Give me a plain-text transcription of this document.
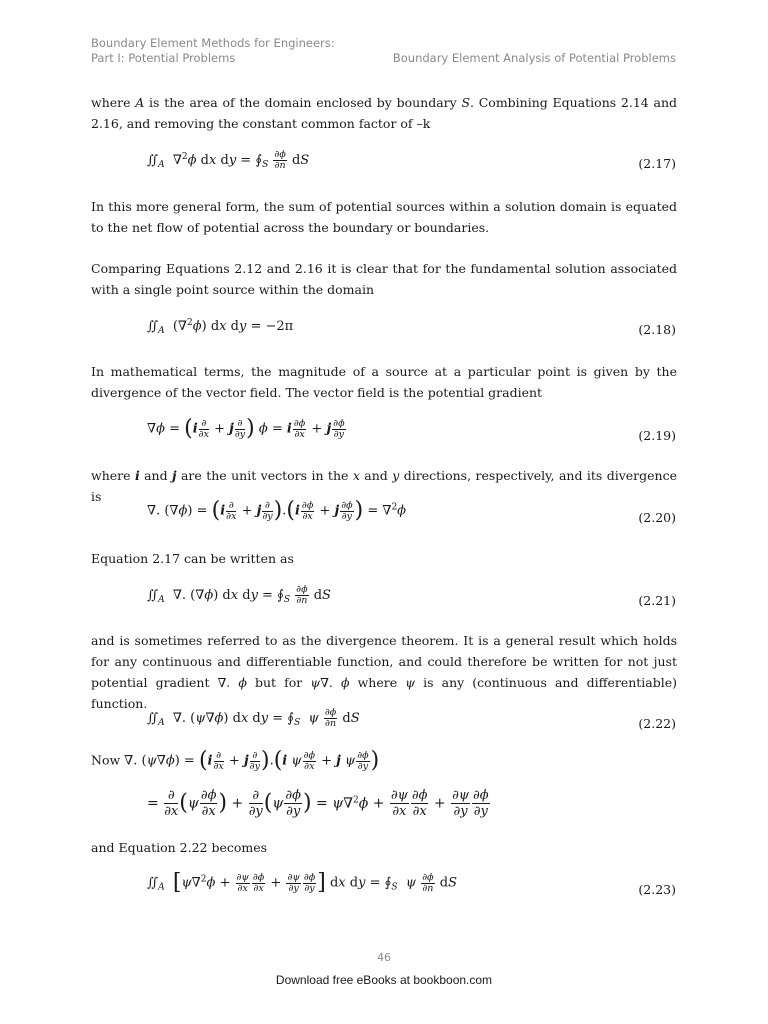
Boundary Element Methods for Engineers:
Part I: Potential Problems	Boundary Element Analysis of Potential Problems

where A is the area of the domain enclosed by boundary S. Combining Equations 2.14 and 2.16, and removing the constant common factor of –k

$∬_A$  ∇$^2$ϕ dx dy = $∮_S \frac{\partial\phi}{\partial n}$ dS	(2.17)

In this more general form, the sum of potential sources within a solution domain is equated to the net flow of potential across the boundary or boundaries.

Comparing Equations 2.12 and 2.16 it is clear that for the fundamental solution associated with a single point source within the domain

$∬_A$  (∇$^2$ϕ) dx dy = −2π	(2.18)

In mathematical terms, the magnitude of a source at a particular point is given by the divergence of the vector field. The vector field is the potential gradient

$\nabla\phi = (i \frac{\partial}{\partial x} + j \frac{\partial}{\partial y}$ ) ϕ = i $\frac{\partial\phi}{\partial x} + j \frac{\partial\phi}{\partial y}$	(2.19)

where i and j are the unit vectors in the x and y directions, respectively, and its divergence is

∇. $(\nabla\phi) = (i \frac{\partial}{\partial x} + j \frac{\partial}{\partial y} ).(i \frac{\partial\phi}{\partial x} + j \frac{\partial\phi}{\partial y}$ ) = ∇$^2$ϕ	(2.20)

Equation 2.17 can be written as

$∬_A$  ∇. (∇ϕ) dx dy = $∮_S \frac{\partial\phi}{\partial n}$ dS	(2.21)

and is sometimes referred to as the divergence theorem. It is a general result which holds for any continuous and differentiable function, and could therefore be written for not just potential gradient ∇. ϕ but for ψ∇. ϕ where ψ is any (continuous and differentiable) function.

$∬_A$  ∇. (ψ∇ϕ) dx dy = $∮_S$ ψ $\frac{\partial\phi}{\partial n}$ dS	(2.22)
Now ∇. $(\psi\nabla\phi) = (i \frac{\partial}{\partial x} + j \frac{\partial}{\partial y} ).(i$ ψ $\frac{\partial\phi}{\partial x} + j$ ψ $\frac{\partial\phi}{\partial y}$ )
= $\frac{\partial}{\partial x} (\psi \frac{\partial\phi}{\partial x}$ ) + $\frac{\partial}{\partial y} (\psi \frac{\partial\phi}{\partial y}$ ) = $\psi\nabla^2\phi + \frac{\partial\psi}{\partial x} \frac{\partial\phi}{\partial x} + \frac{\partial\psi}{\partial y} \frac{\partial\phi}{\partial y}$

and Equation 2.22 becomes

$∬_A$ [$\psi\nabla^2\phi + \frac{\partial\psi}{\partial x} \frac{\partial\phi}{\partial x} + \frac{\partial\psi}{\partial y} \frac{\partial\phi}{\partial y}$ ] dx dy = $∮_S$ ψ $\frac{\partial\phi}{\partial n}$ dS	(2.23)
46
Download free eBooks at bookboon.com
